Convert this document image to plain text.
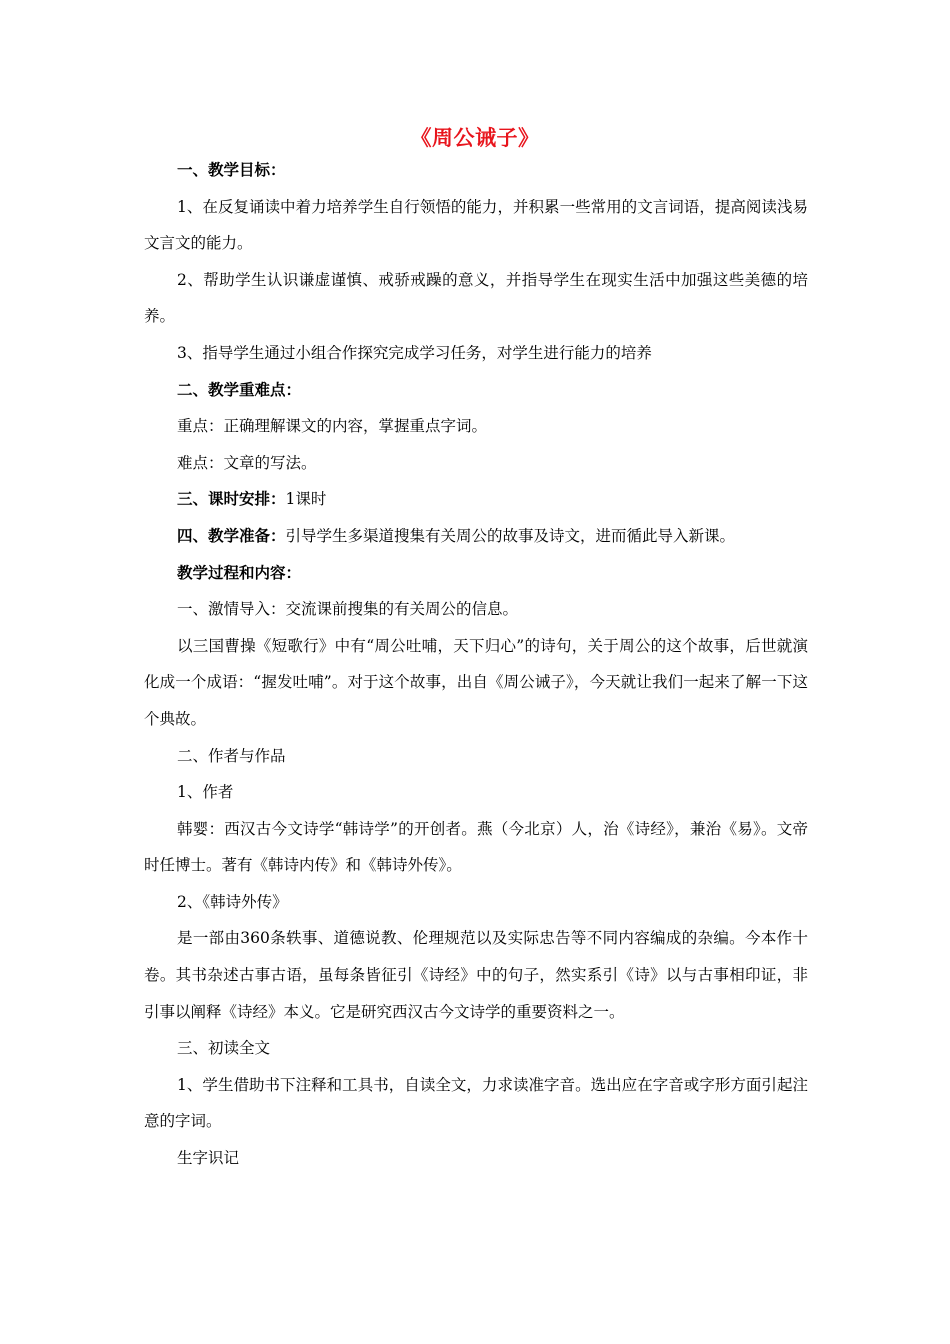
《周公诫子》

一、教学目标：

1、在反复诵读中着力培养学生自行领悟的能力，并积累一些常用的文言词语，提高阅读浅易文言文的能力。

2、帮助学生认识谦虚谨慎、戒骄戒躁的意义，并指导学生在现实生活中加强这些美德的培养。

3、指导学生通过小组合作探究完成学习任务，对学生进行能力的培养

二、教学重难点：

重点：正确理解课文的内容，掌握重点字词。

难点：文章的写法。

三、课时安排：1课时

四、教学准备：引导学生多渠道搜集有关周公的故事及诗文，进而循此导入新课。

教学过程和内容：

一、激情导入：交流课前搜集的有关周公的信息。

以三国曹操《短歌行》中有“周公吐哺，天下归心”的诗句，关于周公的这个故事，后世就演化成一个成语：“握发吐哺”。对于这个故事，出自《周公诫子》，今天就让我们一起来了解一下这个典故。

二、作者与作品

1、作者

韩婴：西汉古今文诗学“韩诗学”的开创者。燕（今北京）人，治《诗经》，兼治《易》。文帝时任博士。著有《韩诗内传》和《韩诗外传》。

2、《韩诗外传》

是一部由360条轶事、道德说教、伦理规范以及实际忠告等不同内容编成的杂编。今本作十卷。其书杂述古事古语，虽每条皆征引《诗经》中的句子，然实系引《诗》以与古事相印证，非引事以阐释《诗经》本义。它是研究西汉古今文诗学的重要资料之一。

三、初读全文

1、学生借助书下注释和工具书，自读全文，力求读准字音。选出应在字音或字形方面引起注意的字词。

生字识记
